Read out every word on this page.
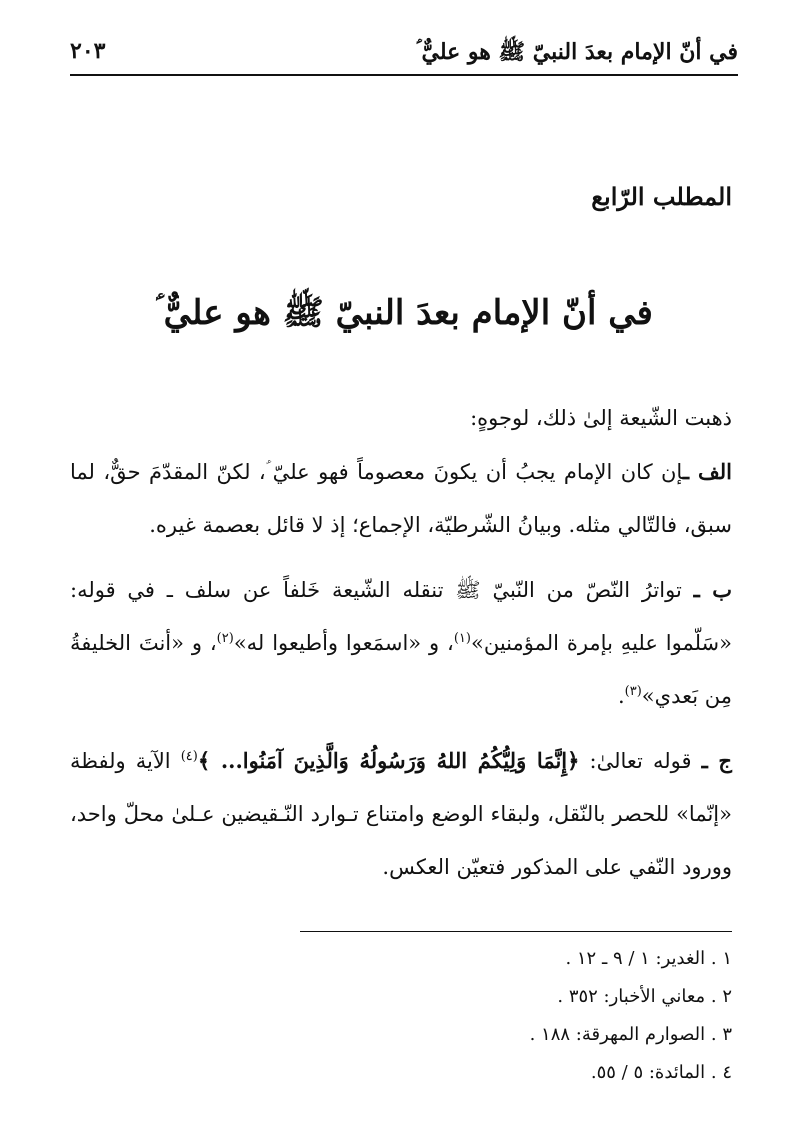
في أنّ الإمام بعدَ النبيّ ﷺ هو عليٌّ ؑ
٢٠٣
المطلب الرّابع
في أنّ الإمام بعدَ النبيّ ﷺ هو عليٌّ ؑ

ذهبت الشّيعة إلىٰ ذلك، لوجوهٍ:

الف ـإن كان الإمام يجبُ أن يكونَ معصوماً فهو عليّ ؑ، لكنّ المقدّمَ حقٌّ، لما سبق، فالتّالي مثله. وبيانُ الشّرطيّة، الإجماع؛ إذ لا قائل بعصمة غيره.

ب ـ تواترُ النّصّ من النّبيّ ﷺ تنقله الشّيعة خَلفاً عن سلف ـ في قوله: «سَلّموا عليهِ بإمرة المؤمنين»$^{(١)}$، و «اسمَعوا وأطيعوا له»$^{(٢)}$، و «أنتَ الخليفةُ مِن بَعدي»$^{(٣)}$.

ج ـ قوله تعالىٰ: ﴿إِنَّمَا وَلِيُّكُمُ اللهُ وَرَسُولُهُ وَالَّذِينَ آمَنُوا... ﴾$^{(٤)}$ الآية ولفظة «إنّما» للحصر بالنّقل، ولبقاء الوضع وامتناع تـوارد النّـقيضين عـلىٰ محلّ واحد، وورود النّفي على المذكور فتعيّن العكس.

١ . الغدير: ١ / ٩ ـ ١٢ .
٢ . معاني الأخبار: ٣٥٢ .
٣ . الصوارم المهرقة: ١٨٨ .
٤ . المائدة: ٥ / ٥٥.
